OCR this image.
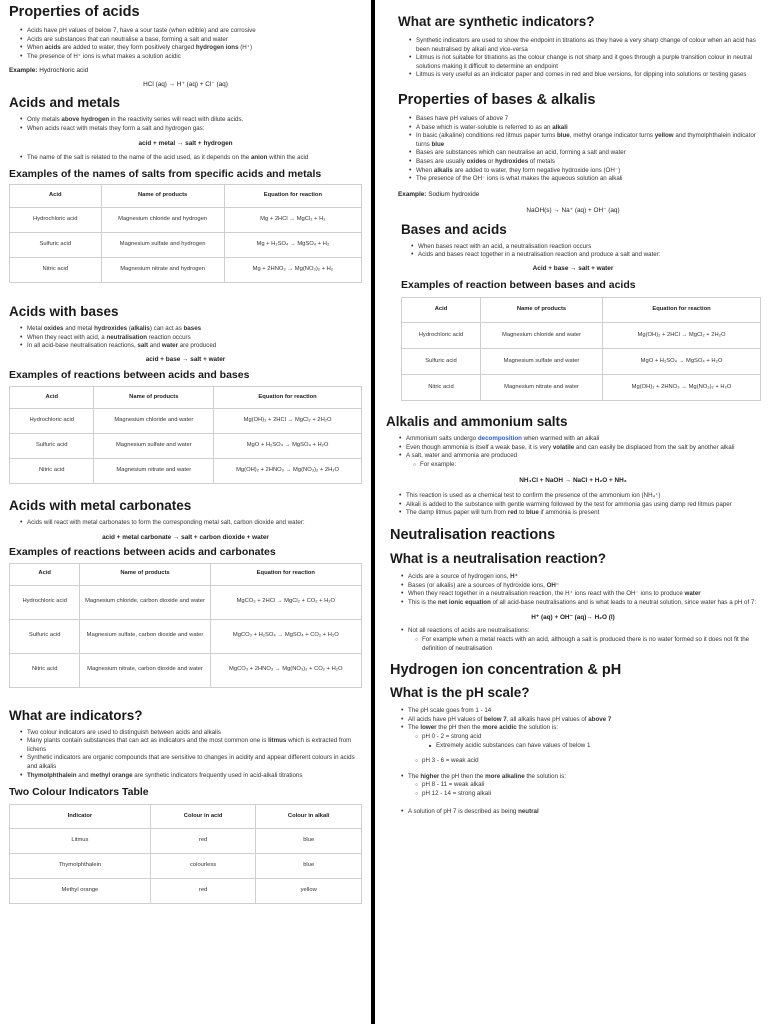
Properties of acids
• Acids have pH values of below 7, have a sour taste (when edible) and are corrosive
• Acids are substances that can neutralise a base, forming a salt and water
• When acids are added to water, they form positively charged hydrogen ions (H⁺)
• The presence of H⁺ ions is what makes a solution acidic
Example: Hydrochloric acid
HCl (aq) → H⁺ (aq) + Cl⁻ (aq)
Acids and metals
• Only metals above hydrogen in the reactivity series will react with dilute acids.
• When acids react with metals they form a salt and hydrogen gas:
acid + metal → salt + hydrogen
• The name of the salt is related to the name of the acid used, as it depends on the anion within the acid
Examples of the names of salts from specific acids and metals
Acid	Name of products	Equation for reaction
Hydrochloric acid	Magnesium chloride and hydrogen	Mg + 2HCl → MgCl₂ + H₂
Sulfuric acid	Magnesium sulfate and hydrogen	Mg + H₂SO₄ → MgSO₄ + H₂
Nitric acid	Magnesium nitrate and hydrogen	Mg + 2HNO₃ → Mg(NO₃)₂ + H₂
Acids with bases
• Metal oxides and metal hydroxides (alkalis) can act as bases
• When they react with acid, a neutralisation reaction occurs
• In all acid-base neutralisation reactions, salt and water are produced
acid + base → salt + water
Examples of reactions between acids and bases
Acid	Name of products	Equation for reaction
Hydrochloric acid	Magnesium chloride and water	Mg(OH)₂ + 2HCl → MgCl₂ + 2H₂O
Sulfuric acid	Magnesium sulfate and water	MgO + H₂SO₄ → MgSO₄ + H₂O
Nitric acid	Magnesium nitrate and water	Mg(OH)₂ + 2HNO₃ → Mg(NO₃)₂ + 2H₂O
Acids with metal carbonates
• Acids will react with metal carbonates to form the corresponding metal salt, carbon dioxide and water:
acid + metal carbonate → salt + carbon dioxide + water
Examples of reactions between acids and carbonates
Acid	Name of products	Equation for reaction
Hydrochloric acid	Magnesium chloride, carbon dioxide and water	MgCO₃ + 2HCl → MgCl₂ + CO₂ + H₂O
Sulfuric acid	Magnesium sulfate, carbon dioxide and water	MgCO₃ + H₂SO₄ → MgSO₄ + CO₂ + H₂O
Nitric acid	Magnesium nitrate, carbon dioxide and water	MgCO₃ + 2HNO₃ → Mg(NO₃)₂ + CO₂ + H₂O
What are indicators?
• Two colour indicators are used to distinguish between acids and alkalis
• Many plants contain substances that can act as indicators and the most common one is litmus which is extracted from lichens
• Synthetic indicators are organic compounds that are sensitive to changes in acidity and appear different colours in acids and alkalis
• Thymolphthalein and methyl orange are synthetic indicators frequently used in acid-alkali titrations
Two Colour Indicators Table
Indicator	Colour in acid	Colour in alkali
Litmus	red	blue
Thymolphthalein	colourless	blue
Methyl orange	red	yellow
What are synthetic indicators?
• Synthetic indicators are used to show the endpoint in titrations as they have a very sharp change of colour when an acid has been neutralised by alkali and vice-versa
• Litmus is not suitable for titrations as the colour change is not sharp and it goes through a purple transition colour in neutral solutions making it difficult to determine an endpoint
• Litmus is very useful as an indicator paper and comes in red and blue versions, for dipping into solutions or testing gases
Properties of bases & alkalis
• Bases have pH values of above 7
• A base which is water-soluble is referred to as an alkali
• In basic (alkaline) conditions red litmus paper turns blue, methyl orange indicator turns yellow and thymolphthalein indicator turns blue
• Bases are substances which can neutralise an acid, forming a salt and water
• Bases are usually oxides or hydroxides of metals
• When alkalis are added to water, they form negative hydroxide ions (OH⁻)
• The presence of the OH⁻ ions is what makes the aqueous solution an alkali
Example: Sodium hydroxide
NaOH(s) → Na⁺ (aq) + OH⁻ (aq)
Bases and acids
• When bases react with an acid, a neutralisation reaction occurs
• Acids and bases react together in a neutralisation reaction and produce a salt and water:
Acid + base → salt + water
Examples of reaction between bases and acids
Acid	Name of products	Equation for reaction
Hydrochloric acid	Magnesium chloride and water	Mg(OH)₂ + 2HCl → MgCl₂ + 2H₂O
Sulfuric acid	Magnesium sulfate and water	MgO + H₂SO₄ → MgSO₄ + H₂O
Nitric acid	Magnesium nitrate and water	Mg(OH)₂ + 2HNO₃ → Mg(NO₃)₂ + H₂O
Alkalis and ammonium salts
• Ammonium salts undergo decomposition when warmed with an alkali
• Even though ammonia is itself a weak base, it is very volatile and can easily be displaced from the salt by another alkali
• A salt, water and ammonia are produced
○ For example:
NH₄Cl + NaOH → NaCl + H₂O + NH₃
• This reaction is used as a chemical test to confirm the presence of the ammonium ion (NH₄⁺)
• Alkali is added to the substance with gentle warming followed by the test for ammonia gas using damp red litmus paper
• The damp litmus paper will turn from red to blue if ammonia is present
Neutralisation reactions
What is a neutralisation reaction?
• Acids are a source of hydrogen ions, H⁺
• Bases (or alkalis) are a sources of hydroxide ions, OH⁻
• When they react together in a neutralisation reaction, the H⁺ ions react with the OH⁻ ions to produce water
• This is the net ionic equation of all acid-base neutralisations and is what leads to a neutral solution, since water has a pH of 7:
H⁺ (aq) + OH⁻ (aq)→ H₂O (l)
• Not all reactions of acids are neutralisations:
○ For example when a metal reacts with an acid, although a salt is produced there is no water formed so it does not fit the definition of neutralisation
Hydrogen ion concentration & pH
What is the pH scale?
• The pH scale goes from 1 - 14
• All acids have pH values of below 7, all alkalis have pH values of above 7
• The lower the pH then the more acidic the solution is:
○ pH 0 - 2 = strong acid
■ Extremely acidic substances can have values of below 1
○ pH 3 - 6 = weak acid
• The higher the pH then the more alkaline the solution is:
○ pH 8 - 11 = weak alkali
○ pH 12 - 14 = strong alkali
• A solution of pH 7 is described as being neutral
